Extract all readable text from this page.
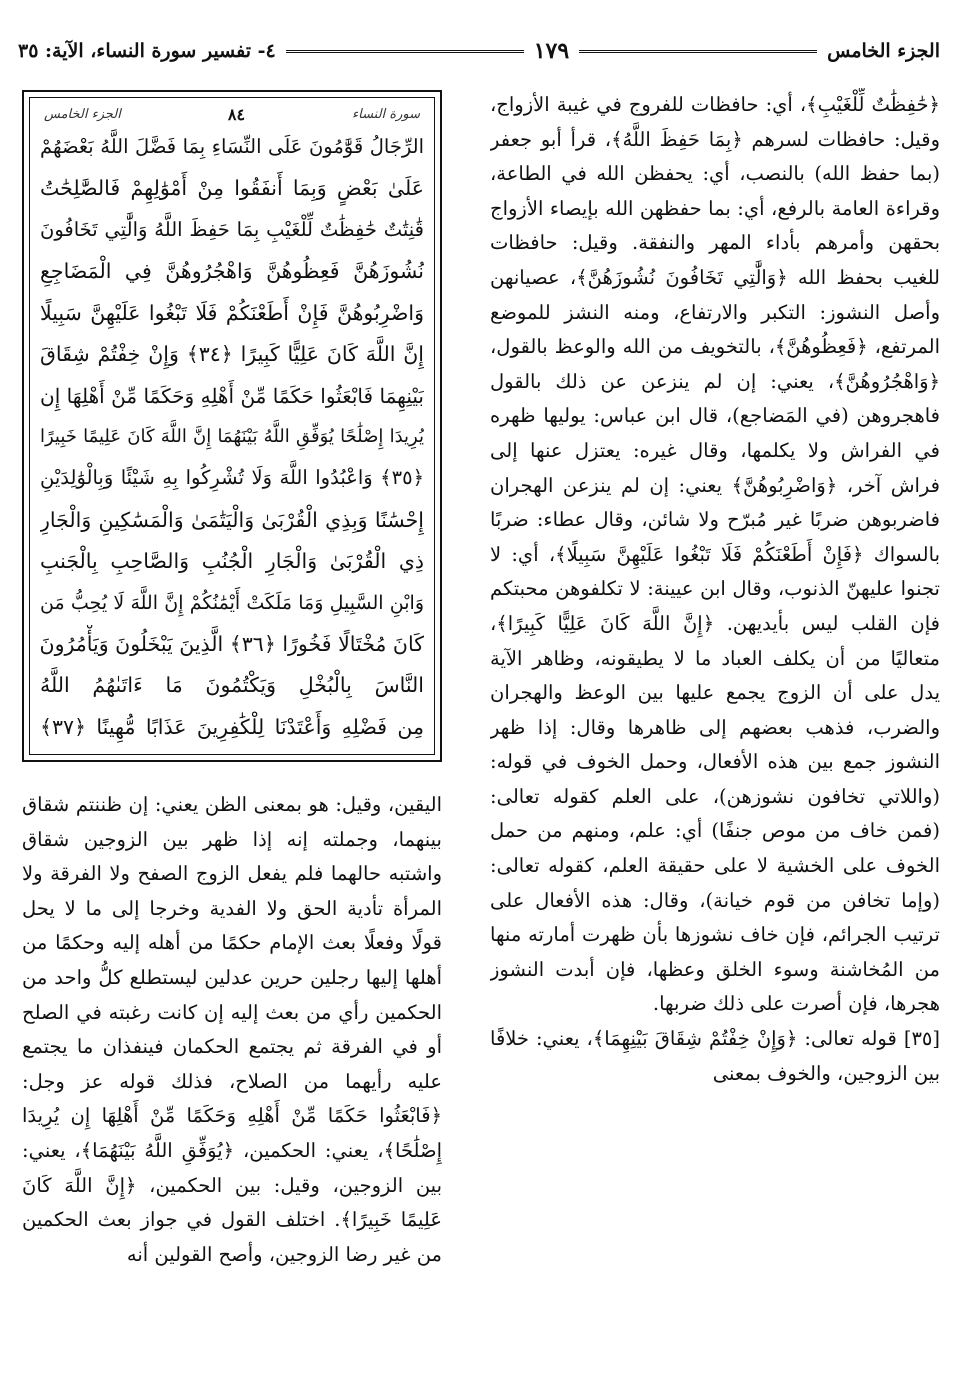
الجزء الخامس
١٧٩
٤- تفسير سورة النساء، الآية: ٣٥

﴿حَٰفِظَٰتٌ لِّلْغَيْبِ﴾، أي: حافظات للفروج في غيبة الأزواج، وقيل: حافظات لسرهم ﴿بِمَا حَفِظَ اللَّهُ﴾، قرأ أبو جعفر (بما حفظ الله) بالنصب، أي: يحفظن الله في الطاعة، وقراءة العامة بالرفع، أي: بما حفظهن الله بإيصاء الأزواج بحقهن وأمرهم بأداء المهر والنفقة. وقيل: حافظات للغيب بحفظ الله ﴿وَالَّٰتِي تَخَافُونَ نُشُوزَهُنَّ﴾، عصيانهن وأصل النشوز: التكبر والارتفاع، ومنه النشز للموضع المرتفع، ﴿فَعِظُوهُنَّ﴾، بالتخويف من الله والوعظ بالقول، ﴿وَاهْجُرُوهُنَّ﴾، يعني: إن لم ينزعن عن ذلك بالقول فاهجروهن (في المَضاجع)، قال ابن عباس: يوليها ظهره في الفراش ولا يكلمها، وقال غيره: يعتزل عنها إلى فراش آخر، ﴿وَاضْرِبُوهُنَّ﴾ يعني: إن لم ينزعن الهجران فاضربوهن ضربًا غير مُبرّح ولا شائن، وقال عطاء: ضربًا بالسواك ﴿فَإِنْ أَطَعْنَكُمْ فَلَا تَبْغُوا عَلَيْهِنَّ سَبِيلًا﴾، أي: لا تجنوا عليهنّ الذنوب، وقال ابن عيينة: لا تكلفوهن محبتكم فإن القلب ليس بأيديهن. ﴿إِنَّ اللَّهَ كَانَ عَلِيًّا كَبِيرًا﴾، متعاليًا من أن يكلف العباد ما لا يطيقونه، وظاهر الآية يدل على أن الزوج يجمع عليها بين الوعظ والهجران والضرب، فذهب بعضهم إلى ظاهرها وقال: إذا ظهر النشوز جمع بين هذه الأفعال، وحمل الخوف في قوله: (واللاتي تخافون نشوزهن)، على العلم كقوله تعالى: (فمن خاف من موص جنفًا) أي: علم، ومنهم من حمل الخوف على الخشية لا على حقيقة العلم، كقوله تعالى: (وإما تخافن من قوم خيانة)، وقال: هذه الأفعال على ترتيب الجرائم، فإن خاف نشوزها بأن ظهرت أمارته منها من المُخاشنة وسوء الخلق وعظها، فإن أبدت النشوز هجرها، فإن أصرت على ذلك ضربها.

[٣٥] قوله تعالى: ﴿وَإِنْ خِفْتُمْ شِقَاقَ بَيْنِهِمَا﴾، يعني: خلافًا بين الزوجين، والخوف بمعنى

سورة النساء
٨٤
الجزء الخامس
الرِّجَالُ قَوَّٰمُونَ عَلَى النِّسَاءِ بِمَا فَضَّلَ اللَّهُ بَعْضَهُمْ
عَلَىٰ بَعْضٍ وَبِمَا أَنفَقُوا مِنْ أَمْوَٰلِهِمْ فَالصَّٰلِحَٰتُ
قَٰنِتَٰتٌ حَٰفِظَٰتٌ لِّلْغَيْبِ بِمَا حَفِظَ اللَّهُ وَالَّٰتِي تَخَافُونَ
نُشُوزَهُنَّ فَعِظُوهُنَّ وَاهْجُرُوهُنَّ فِي الْمَضَاجِعِ
وَاضْرِبُوهُنَّ فَإِنْ أَطَعْنَكُمْ فَلَا تَبْغُوا عَلَيْهِنَّ سَبِيلًا
إِنَّ اللَّهَ كَانَ عَلِيًّا كَبِيرًا ﴿٣٤﴾ وَإِنْ خِفْتُمْ شِقَاقَ
بَيْنِهِمَا فَابْعَثُوا حَكَمًا مِّنْ أَهْلِهِ وَحَكَمًا مِّنْ أَهْلِهَا إِن
يُرِيدَا إِصْلَٰحًا يُوَفِّقِ اللَّهُ بَيْنَهُمَا إِنَّ اللَّهَ كَانَ عَلِيمًا خَبِيرًا
﴿٣٥﴾ وَاعْبُدُوا اللَّهَ وَلَا تُشْرِكُوا بِهِ شَيْئًا وَبِالْوَٰلِدَيْنِ
إِحْسَٰنًا وَبِذِي الْقُرْبَىٰ وَالْيَتَٰمَىٰ وَالْمَسَٰكِينِ وَالْجَارِ
ذِي الْقُرْبَىٰ وَالْجَارِ الْجُنُبِ وَالصَّاحِبِ بِالْجَنبِ
وَابْنِ السَّبِيلِ وَمَا مَلَكَتْ أَيْمَٰنُكُمْ إِنَّ اللَّهَ لَا يُحِبُّ مَن
كَانَ مُخْتَالًا فَخُورًا ﴿٣٦﴾ الَّذِينَ يَبْخَلُونَ وَيَأْمُرُونَ
النَّاسَ بِالْبُخْلِ وَيَكْتُمُونَ مَا ءَاتَىٰهُمُ اللَّهُ
مِن فَضْلِهِ وَأَعْتَدْنَا لِلْكَٰفِرِينَ عَذَابًا مُّهِينًا ﴿٣٧﴾

اليقين، وقيل: هو بمعنى الظن يعني: إن ظننتم شقاق بينهما، وجملته إنه إذا ظهر بين الزوجين شقاق واشتبه حالهما فلم يفعل الزوج الصفح ولا الفرقة ولا المرأة تأدية الحق ولا الفدية وخرجا إلى ما لا يحل قولًا وفعلًا بعث الإمام حكمًا من أهله إليه وحكمًا من أهلها إليها رجلين حرين عدلين ليستطلع كلُّ واحد من الحكمين رأي من بعث إليه إن كانت رغبته في الصلح أو في الفرقة ثم يجتمع الحكمان فينفذان ما يجتمع عليه رأيهما من الصلاح، فذلك قوله عز وجل: ﴿فَابْعَثُوا حَكَمًا مِّنْ أَهْلِهِ وَحَكَمًا مِّنْ أَهْلِهَا إِن يُرِيدَا إِصْلَٰحًا﴾، يعني: الحكمين، ﴿يُوَفِّقِ اللَّهُ بَيْنَهُمَا﴾، يعني: بين الزوجين، وقيل: بين الحكمين، ﴿إِنَّ اللَّهَ كَانَ عَلِيمًا خَبِيرًا﴾. اختلف القول في جواز بعث الحكمين من غير رضا الزوجين، وأصح القولين أنه
